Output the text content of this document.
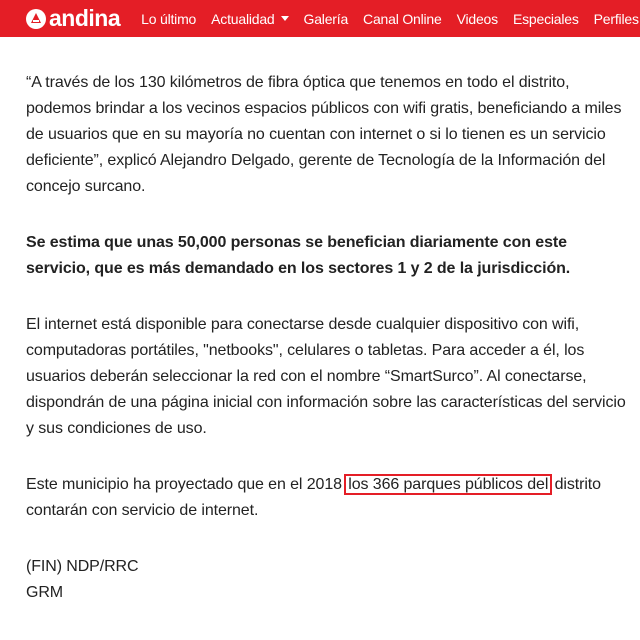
andina Lo último Actualidad Galería Canal Online Videos Especiales Perfiles

“A través de los 130 kilómetros de fibra óptica que tenemos en todo el distrito, podemos brindar a los vecinos espacios públicos con wifi gratis, beneficiando a miles de usuarios que en su mayoría no cuentan con internet o si lo tienen es un servicio deficiente”, explicó Alejandro Delgado, gerente de Tecnología de la Información del concejo surcano.

Se estima que unas 50,000 personas se benefician diariamente con este servicio, que es más demandado en los sectores 1 y 2 de la jurisdicción.

El internet está disponible para conectarse desde cualquier dispositivo con wifi, computadoras portátiles, "netbooks", celulares o tabletas. Para acceder a él, los usuarios deberán seleccionar la red con el nombre “SmartSurco”. Al conectarse, dispondrán de una página inicial con información sobre las características del servicio y sus condiciones de uso.

Este municipio ha proyectado que en el 2018 los 366 parques públicos del distrito contarán con servicio de internet.

(FIN) NDP/RRC

GRM
